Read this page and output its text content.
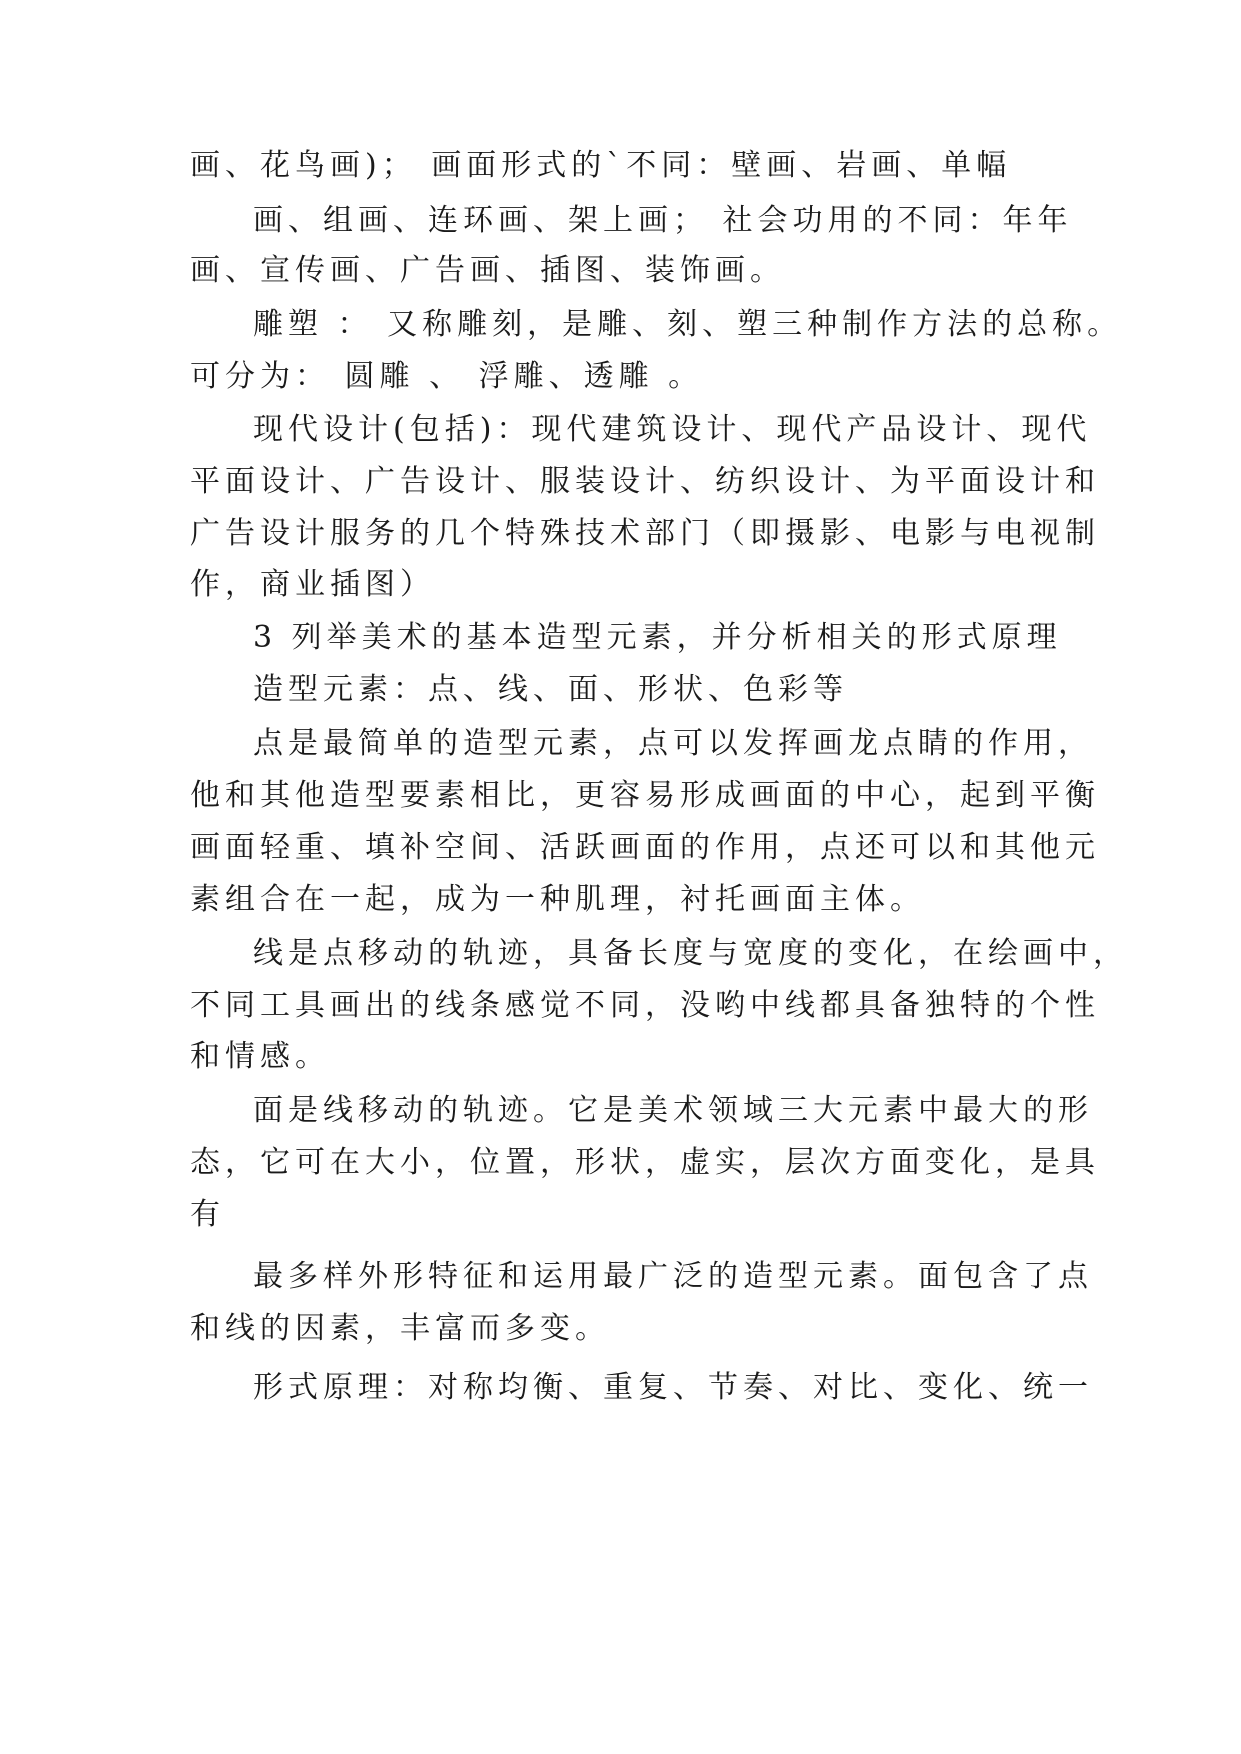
画、花鸟画)； 画面形式的`不同：壁画、岩画、单幅
画、组画、连环画、架上画； 社会功用的不同：年年
画、宣传画、广告画、插图、装饰画。
雕塑 ： 又称雕刻，是雕、刻、塑三种制作方法的总称。
可分为： 圆雕 、 浮雕、透雕 。
现代设计(包括)：现代建筑设计、现代产品设计、现代
平面设计、广告设计、服装设计、纺织设计、为平面设计和
广告设计服务的几个特殊技术部门（即摄影、电影与电视制
作，商业插图）
3 列举美术的基本造型元素，并分析相关的形式原理
造型元素：点、线、面、形状、色彩等
点是最简单的造型元素，点可以发挥画龙点睛的作用，
他和其他造型要素相比，更容易形成画面的中心，起到平衡
画面轻重、填补空间、活跃画面的作用，点还可以和其他元
素组合在一起，成为一种肌理，衬托画面主体。
线是点移动的轨迹，具备长度与宽度的变化，在绘画中，
不同工具画出的线条感觉不同，没哟中线都具备独特的个性
和情感。
面是线移动的轨迹。它是美术领域三大元素中最大的形
态，它可在大小，位置，形状，虚实，层次方面变化，是具
有
最多样外形特征和运用最广泛的造型元素。面包含了点
和线的因素，丰富而多变。
形式原理：对称均衡、重复、节奏、对比、变化、统一
